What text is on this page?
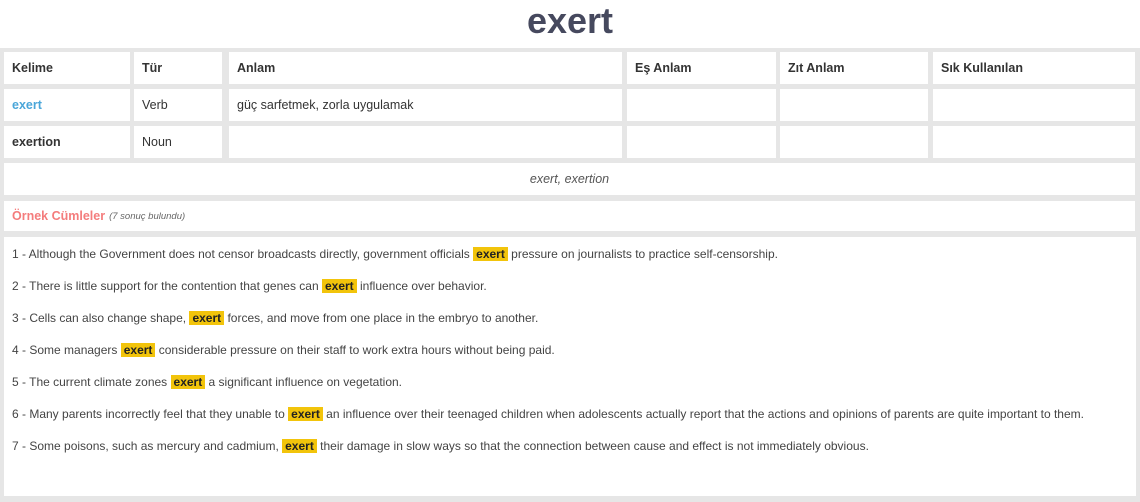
exert
Kelime	Tür	Anlam	Eş Anlam	Zıt Anlam	Sık Kullanılan
exert	Verb	güç sarfetmek, zorla uygulamak
exertion	Noun
exert, exertion
Örnek Cümleler (7 sonuç bulundu)
1 - Although the Government does not censor broadcasts directly, government officials exert pressure on journalists to practice self-censorship.
2 - There is little support for the contention that genes can exert influence over behavior.
3 - Cells can also change shape, exert forces, and move from one place in the embryo to another.
4 - Some managers exert considerable pressure on their staff to work extra hours without being paid.
5 - The current climate zones exert a significant influence on vegetation.
6 - Many parents incorrectly feel that they unable to exert an influence over their teenaged children when adolescents actually report that the actions and opinions of parents are quite important to them.
7 - Some poisons, such as mercury and cadmium, exert their damage in slow ways so that the connection between cause and effect is not immediately obvious.
